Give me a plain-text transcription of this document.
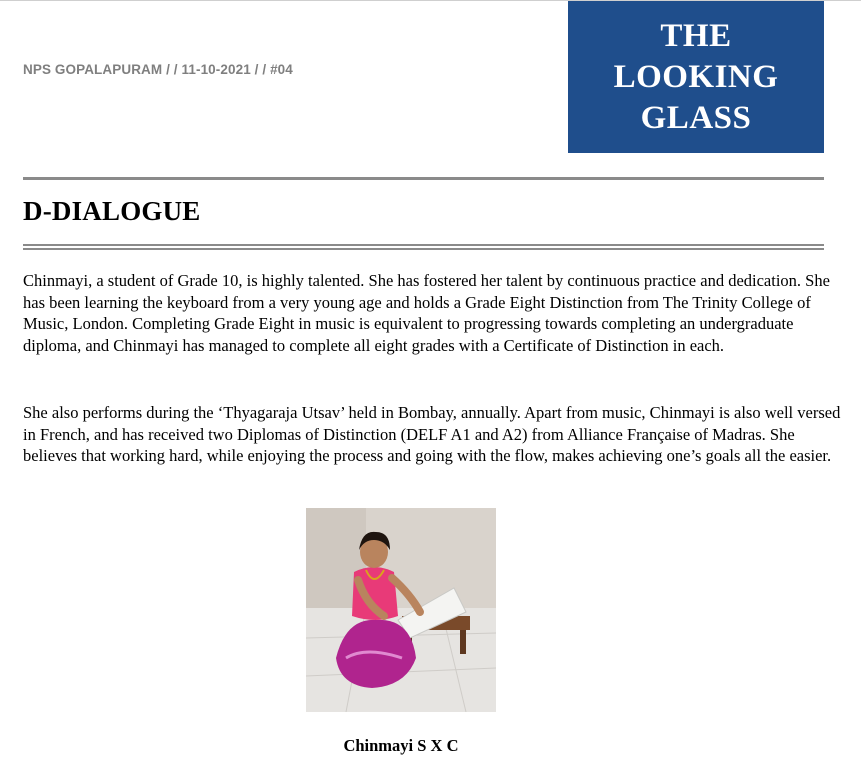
NPS GOPALAPURAM / / 11-10-2021 / / #04
THE
LOOKING
GLASS
D-DIALOGUE

Chinmayi, a student of Grade 10, is highly talented. She has fostered her talent by continuous practice and dedication. She has been learning the keyboard from a very young age and holds a Grade Eight Distinction from The Trinity College of Music, London. Completing Grade Eight in music is equivalent to progressing towards completing an undergraduate diploma, and Chinmayi has managed to complete all eight grades with a Certificate of Distinction in each.

She also performs during the ‘Thyagaraja Utsav’ held in Bombay, annually. Apart from music, Chinmayi is also well versed in French, and has received two Diplomas of Distinction (DELF A1 and A2) from Alliance Française of Madras. She believes that working hard, while enjoying the process and going with the flow, makes achieving one’s goals all the easier.

Chinmayi S X C
